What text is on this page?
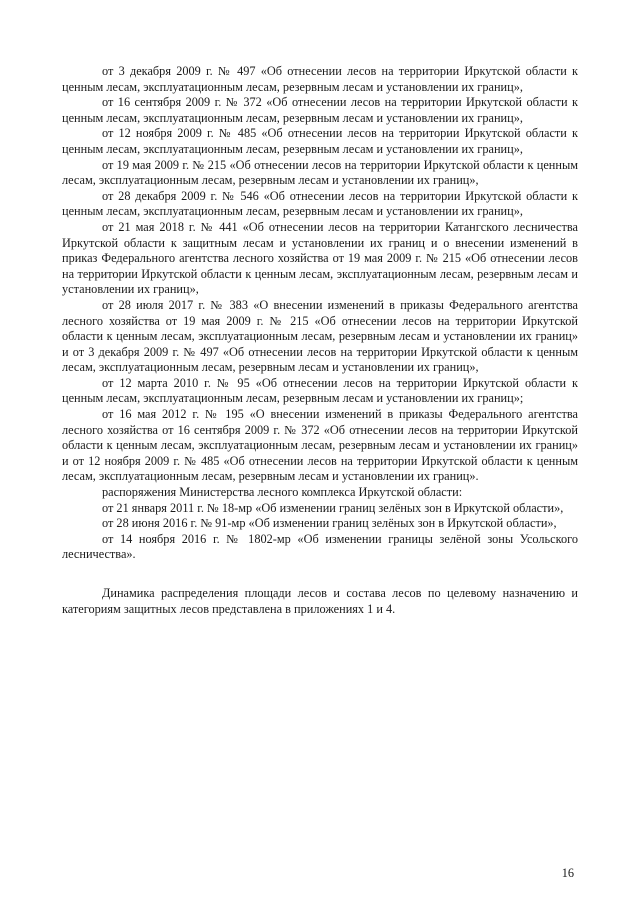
от 3 декабря 2009 г. № 497 «Об отнесении лесов на территории Иркутской области к ценным лесам, эксплуатационным лесам, резервным лесам и установлении их границ»,

от 16 сентября 2009 г. № 372 «Об отнесении лесов на территории Иркутской области к ценным лесам, эксплуатационным лесам, резервным лесам и установлении их границ»,

от 12 ноября 2009 г. № 485 «Об отнесении лесов на территории Иркутской области к ценным лесам, эксплуатационным лесам, резервным лесам и установлении их границ»,

от 19 мая 2009 г. № 215 «Об отнесении лесов на территории Иркутской области к ценным лесам, эксплуатационным лесам, резервным лесам и установлении их границ»,

от 28 декабря 2009 г. № 546 «Об отнесении лесов на территории Иркутской области к ценным лесам, эксплуатационным лесам, резервным лесам и установлении их границ»,

от 21 мая 2018 г. № 441 «Об отнесении лесов на территории Катангского лесничества Иркутской области к защитным лесам и установлении их границ и о внесении изменений в приказ Федерального агентства лесного хозяйства от 19 мая 2009 г. № 215 «Об отнесении лесов на территории Иркутской области к ценным лесам, эксплуатационным лесам, резервным лесам и установлении их границ»,

от 28 июля 2017 г. № 383 «О внесении изменений в приказы Федерального агентства лесного хозяйства от 19 мая 2009 г. № 215 «Об отнесении лесов на территории Иркутской области к ценным лесам, эксплуатационным лесам, резервным лесам и установлении их границ» и от 3 декабря 2009 г. № 497 «Об отнесении лесов на территории Иркутской области к ценным лесам, эксплуатационным лесам, резервным лесам и установлении их границ»,

от 12 марта 2010 г. № 95 «Об отнесении лесов на территории Иркутской области к ценным лесам, эксплуатационным лесам, резервным лесам и установлении их границ»;

от 16 мая 2012 г. № 195 «О внесении изменений в приказы Федерального агентства лесного хозяйства от 16 сентября 2009 г. № 372 «Об отнесении лесов на территории Иркутской области к ценным лесам, эксплуатационным лесам, резервным лесам и установлении их границ» и от 12 ноября 2009 г. № 485 «Об отнесении лесов на территории Иркутской области к ценным лесам, эксплуатационным лесам, резервным лесам и установлении их границ».

распоряжения Министерства лесного комплекса Иркутской области:

от 21 января 2011 г. № 18-мр «Об изменении границ зелёных зон в Иркутской области»,

от 28 июня 2016 г. № 91-мр «Об изменении границ зелёных зон в Иркутской области»,

от 14 ноября 2016 г. № 1802-мр «Об изменении границы зелёной зоны Усольского лесничества».

Динамика распределения площади лесов и состава лесов по целевому назначению и категориям защитных лесов представлена в приложениях 1 и 4.

16
